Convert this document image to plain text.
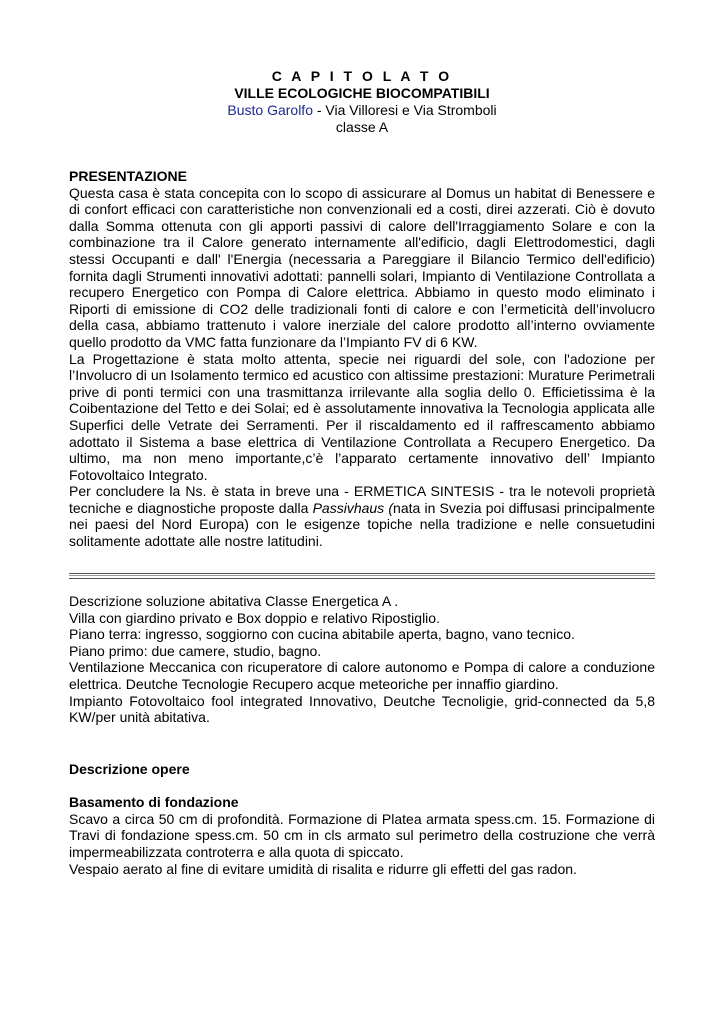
C A P I T O L A T O
VILLE ECOLOGICHE BIOCOMPATIBILI
Busto Garolfo - Via Villoresi e Via Stromboli
classe A
PRESENTAZIONE

Questa casa è stata concepita con lo scopo di assicurare al Domus un habitat di Benessere e di confort efficaci con caratteristiche non convenzionali ed a costi, direi azzerati. Ciò è dovuto dalla Somma ottenuta con gli apporti passivi di calore dell'Irraggiamento Solare e con la combinazione tra il Calore generato internamente all'edificio, dagli Elettrodomestici, dagli stessi Occupanti e dall' l'Energia (necessaria a Pareggiare il Bilancio Termico dell'edificio) fornita dagli Strumenti innovativi adottati: pannelli solari, Impianto di Ventilazione Controllata a recupero Energetico con Pompa di Calore elettrica. Abbiamo in questo modo eliminato i Riporti di emissione di CO2 delle tradizionali fonti di calore e con l’ermeticità dell’involucro della casa, abbiamo trattenuto i valore inerziale del calore prodotto all’interno ovviamente quello prodotto da VMC fatta funzionare da l’Impianto FV di 6 KW.

La Progettazione è stata molto attenta, specie nei riguardi del sole, con l'adozione per l’Involucro di un Isolamento termico ed acustico con altissime prestazioni: Murature Perimetrali prive di ponti termici con una trasmittanza irrilevante alla soglia dello 0. Efficietissima è la Coibentazione del Tetto e dei Solai; ed è assolutamente innovativa la Tecnologia applicata alle Superfici delle Vetrate dei Serramenti. Per il riscaldamento ed il raffrescamento abbiamo adottato il Sistema a base elettrica di Ventilazione Controllata a Recupero Energetico. Da ultimo, ma non meno importante,c’è l’apparato certamente innovativo dell’ Impianto Fotovoltaico Integrato.

Per concludere la Ns. è stata in breve una - ERMETICA SINTESIS - tra le notevoli proprietà tecniche e diagnostiche proposte dalla Passivhaus (nata in Svezia poi diffusasi principalmente nei paesi del Nord Europa) con le esigenze topiche nella tradizione e nelle consuetudini solitamente adottate alle nostre latitudini.

Descrizione soluzione abitativa Classe Energetica A .

Villa con giardino privato e Box doppio e relativo Ripostiglio.

Piano terra: ingresso, soggiorno con cucina abitabile aperta, bagno, vano tecnico.

Piano primo: due camere, studio, bagno.

Ventilazione Meccanica con ricuperatore di calore autonomo e Pompa di calore a conduzione elettrica. Deutche Tecnologie Recupero acque meteoriche per innaffio giardino.

Impianto Fotovoltaico fool integrated Innovativo, Deutche Tecnoligie, grid-connected da 5,8 KW/per unità abitativa.

Descrizione opere
Basamento di fondazione

Scavo a circa 50 cm di profondità. Formazione di Platea armata spess.cm. 15. Formazione di Travi di fondazione spess.cm. 50 cm in cls armato sul perimetro della costruzione che verrà impermeabilizzata controterra e alla quota di spiccato.

Vespaio aerato al fine di evitare umidità di risalita e ridurre gli effetti del gas radon.
